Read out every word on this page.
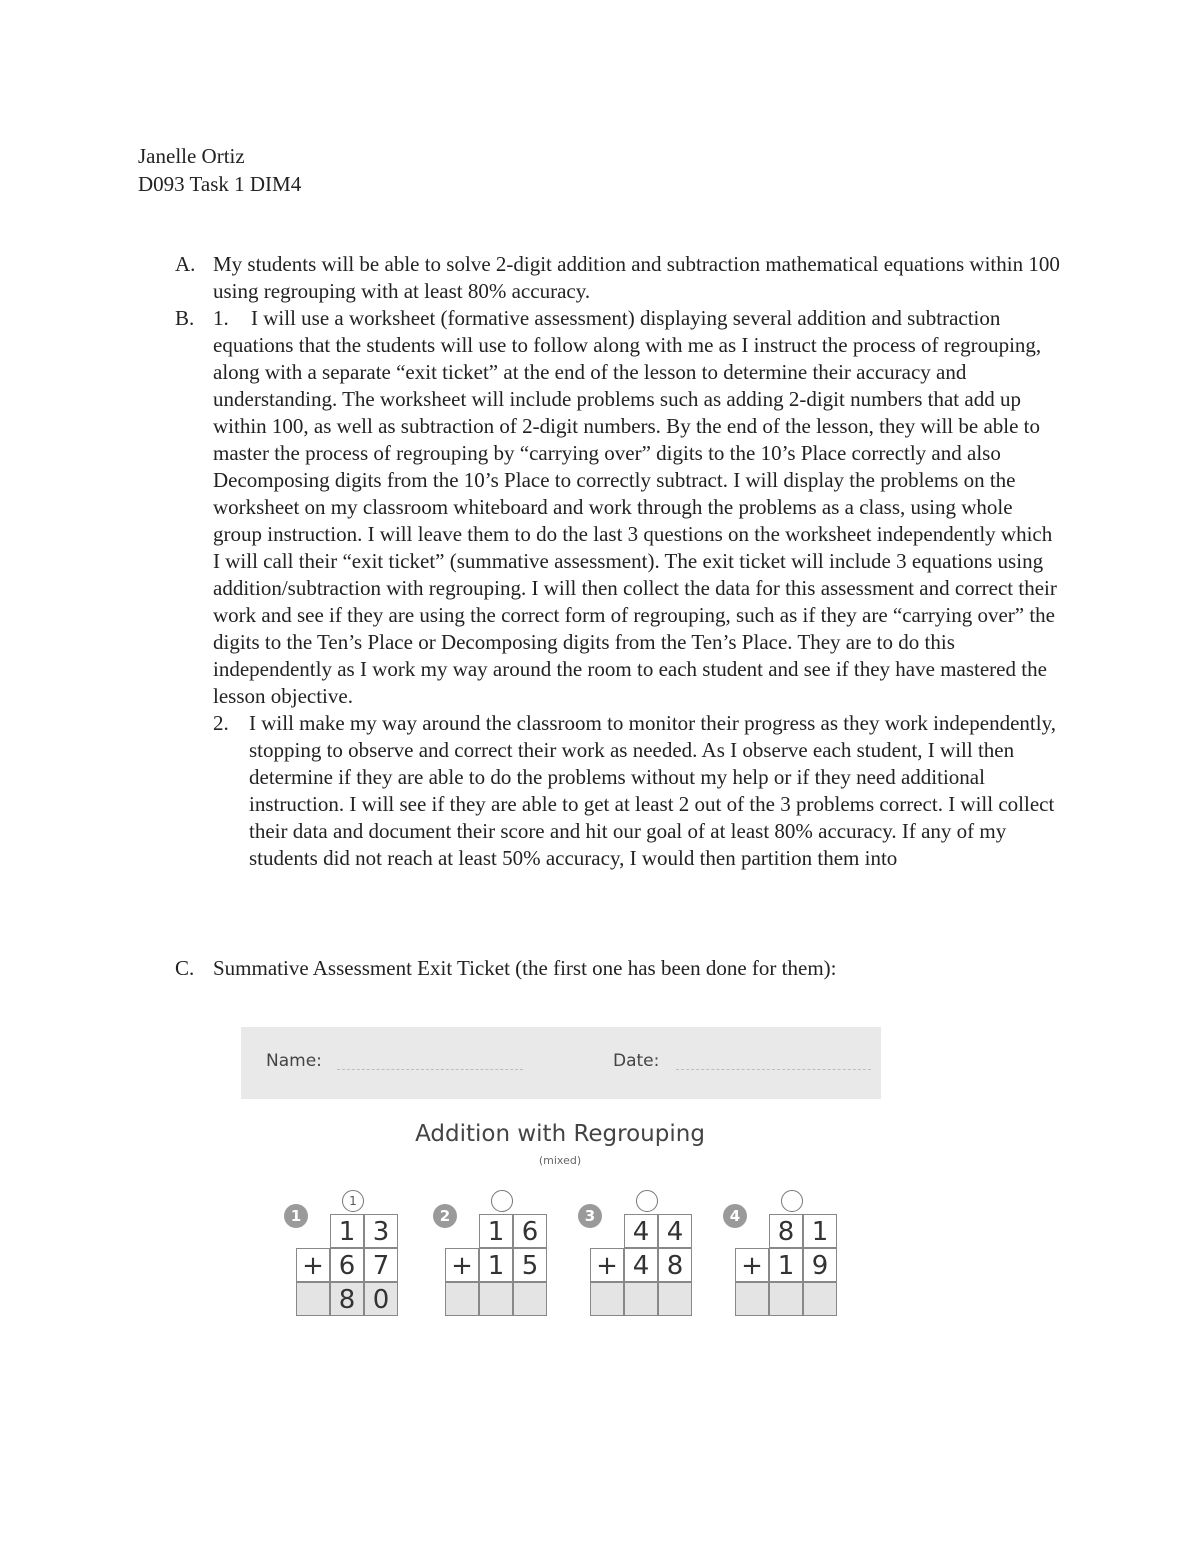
Janelle Ortiz
D093 Task 1 DIM4
A. My students will be able to solve 2-digit addition and subtraction mathematical equations within 100 using regrouping with at least 80% accuracy.
B. 1.	I will use a worksheet (formative assessment) displaying several addition and subtraction equations that the students will use to follow along with me as I instruct the process of regrouping, along with a separate “exit ticket” at the end of the lesson to determine their accuracy and understanding. The worksheet will include problems such as adding 2-digit numbers that add up within 100, as well as subtraction of 2-digit numbers. By the end of the lesson, they will be able to master the process of regrouping by “carrying over” digits to the 10’s Place correctly and also Decomposing digits from the 10’s Place to correctly subtract. I will display the problems on the worksheet on my classroom whiteboard and work through the problems as a class, using whole group instruction. I will leave them to do the last 3 questions on the worksheet independently which I will call their “exit ticket” (summative assessment). The exit ticket will include 3 equations using addition/subtraction with regrouping. I will then collect the data for this assessment and correct their work and see if they are using the correct form of regrouping, such as if they are “carrying over” the digits to the Ten’s Place or Decomposing digits from the Ten’s Place. They are to do this independently as I work my way around the room to each student and see if they have mastered the lesson objective.
2. I will make my way around the classroom to monitor their progress as they work independently, stopping to observe and correct their work as needed. As I observe each student, I will then determine if they are able to do the problems without my help or if they need additional instruction. I will see if they are able to get at least 2 out of the 3 problems correct. I will collect their data and document their score and hit our goal of at least 80% accuracy. If any of my students did not reach at least 50% accuracy, I would then partition them into
C. Summative Assessment Exit Ticket (the first one has been done for them):
Name:	Date:
Addition with Regrouping
(mixed)
1
1
1 3
+ 6 7
8 0
2
1 6
+ 1 5
3
4 4
+ 4 8
4
8 1
+ 1 9
